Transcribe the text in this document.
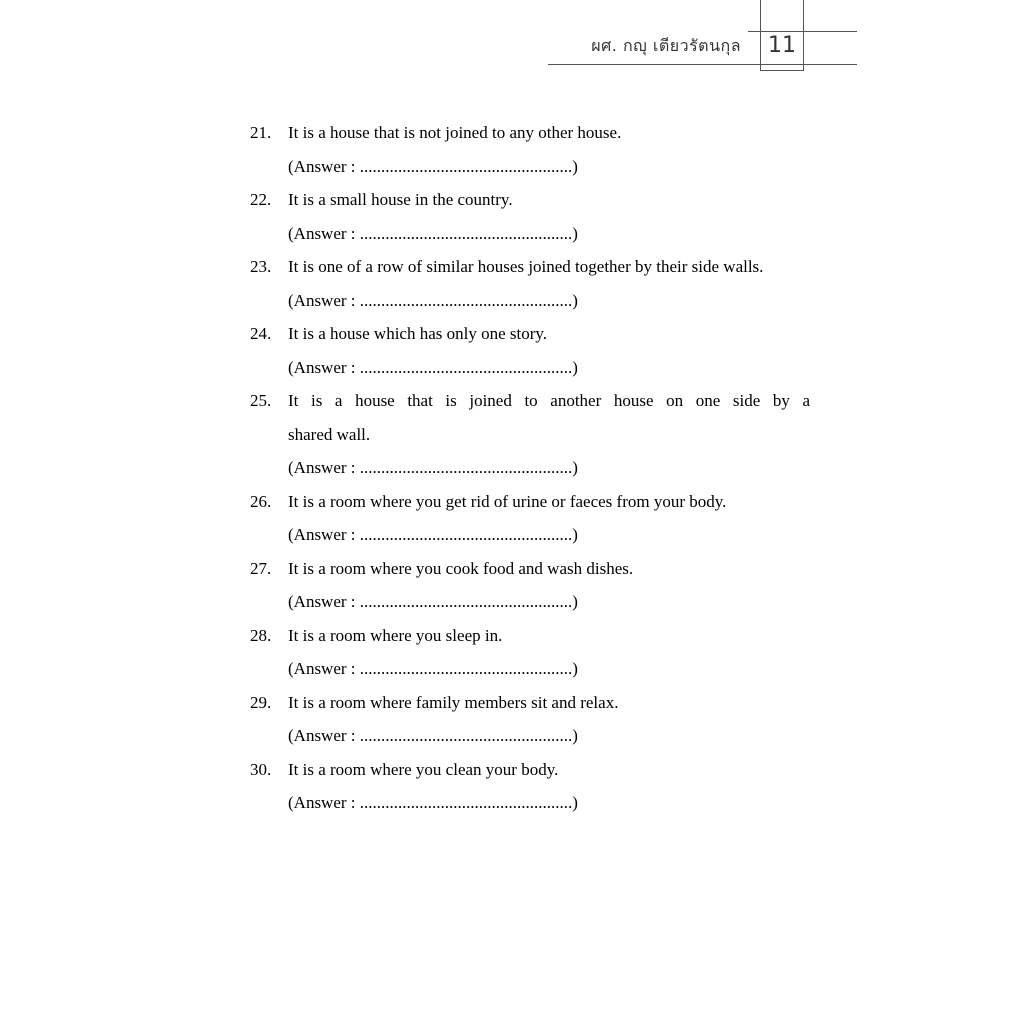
ผศ. กญุ เตียวรัตนกุล	11
21. It is a house that is not joined to any other house.
(Answer : ..................................................)
22. It is a small house in the country.
(Answer : ..................................................)
23. It is one of a row of similar houses joined together by their side walls.
(Answer : ..................................................)
24. It is a house which has only one story.
(Answer : ..................................................)
25. It is a house that is joined to another house on one side by a
shared wall.
(Answer : ..................................................)
26. It is a room where you get rid of urine or faeces from your body.
(Answer : ..................................................)
27. It is a room where you cook food and wash dishes.
(Answer : ..................................................)
28. It is a room where you sleep in.
(Answer : ..................................................)
29. It is a room where family members sit and relax.
(Answer : ..................................................)
30. It is a room where you clean your body.
(Answer : ..................................................)
